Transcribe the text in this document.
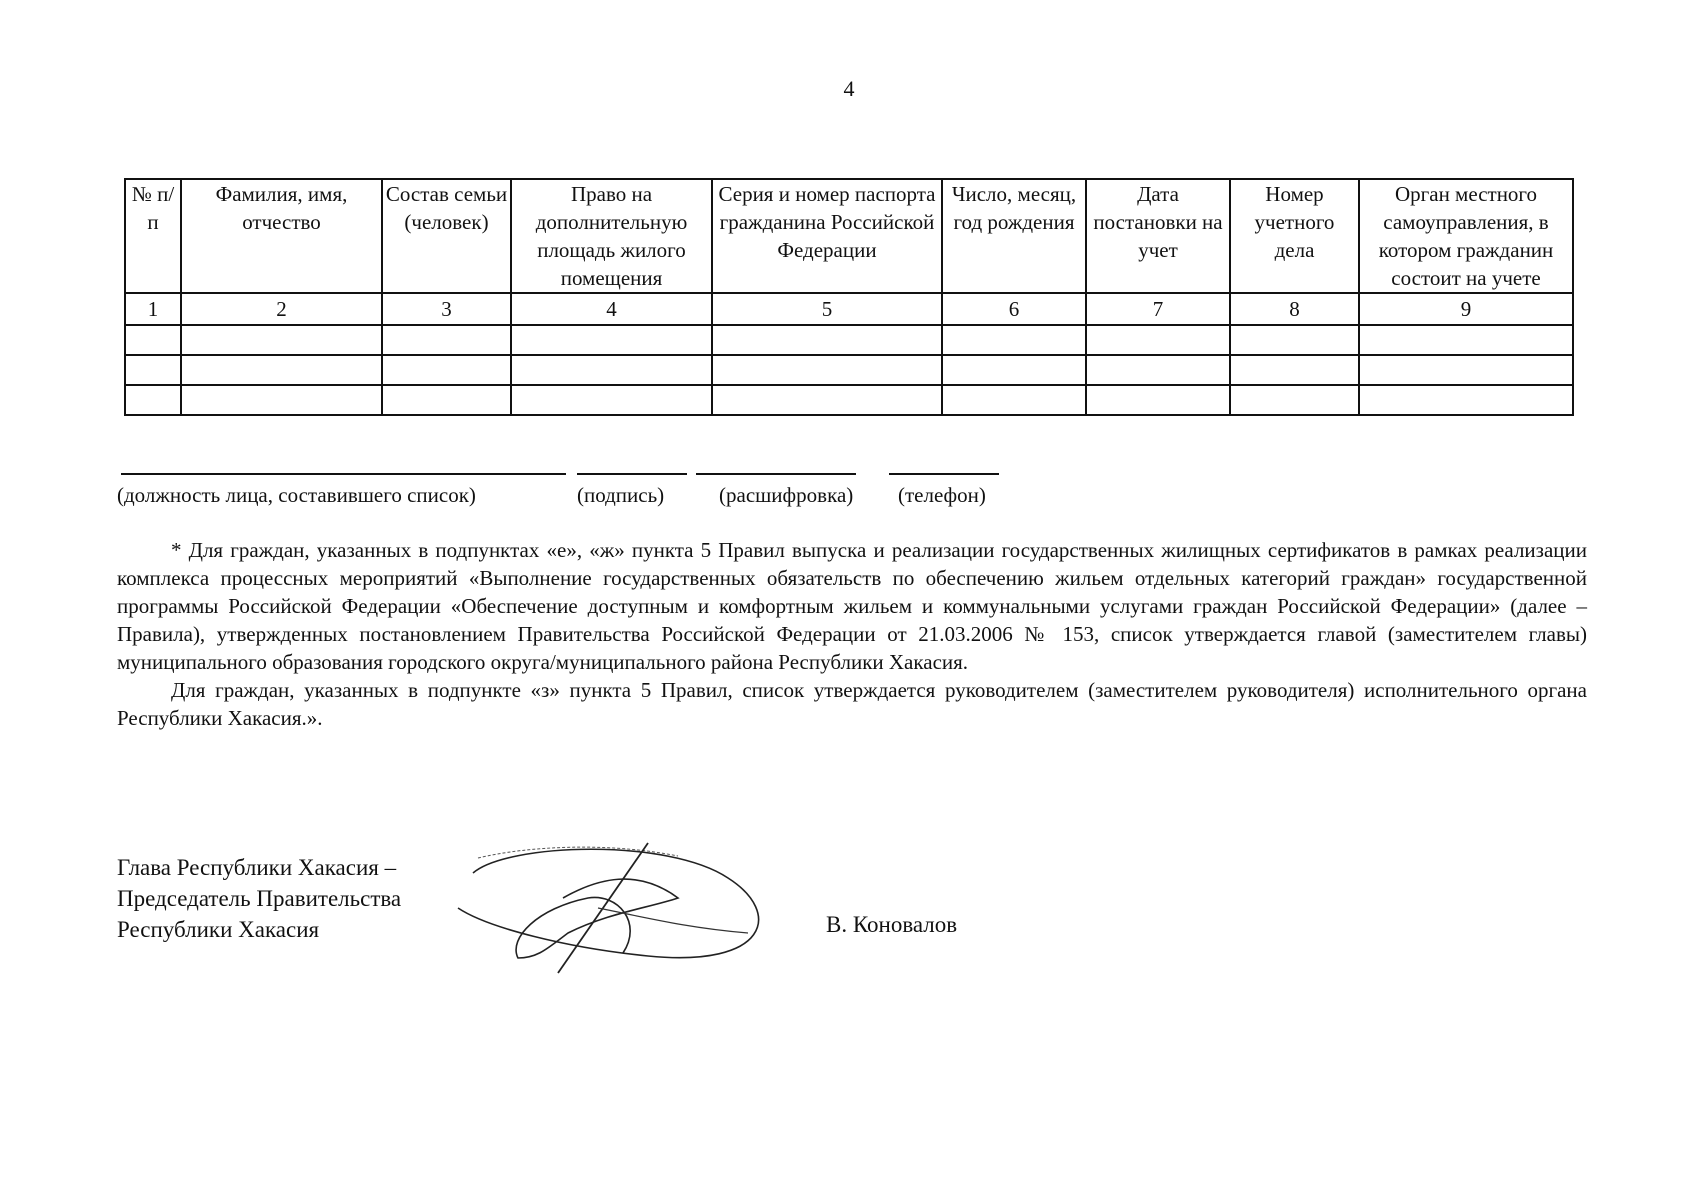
4
№ п/п	Фамилия, имя, отчество	Состав семьи (человек)	Право на дополнительную площадь жилого помещения	Серия и номер паспорта гражданина Российской Федерации	Число, месяц, год рождения	Дата постановки на учет	Номер учетного дела	Орган местного самоуправления, в котором гражданин состоит на учете
1	2	3	4	5	6	7	8	9

(должность лица, составившего список)	(подпись)	(расшифровка) (телефон)

* Для граждан, указанных в подпунктах «е», «ж» пункта 5 Правил выпуска и реализации государственных жилищных сертификатов в рамках реализации комплекса процессных мероприятий «Выполнение государственных обязательств по обеспечению жильем отдельных категорий граждан» государственной программы Российской Федерации «Обеспечение доступным и комфортным жильем и коммунальными услугами граждан Российской Федерации» (далее – Правила), утвержденных постановлением Правительства Российской Федерации от 21.03.2006 № 153, список утверждается главой (заместителем главы) муниципального образования городского округа/муниципального района Республики Хакасия.

Для граждан, указанных в подпункте «з» пункта 5 Правил, список утверждается руководителем (заместителем руководителя) исполнительного органа Республики Хакасия.».

Глава Республики Хакасия –
Председатель Правительства
Республики Хакасия	В. Коновалов
